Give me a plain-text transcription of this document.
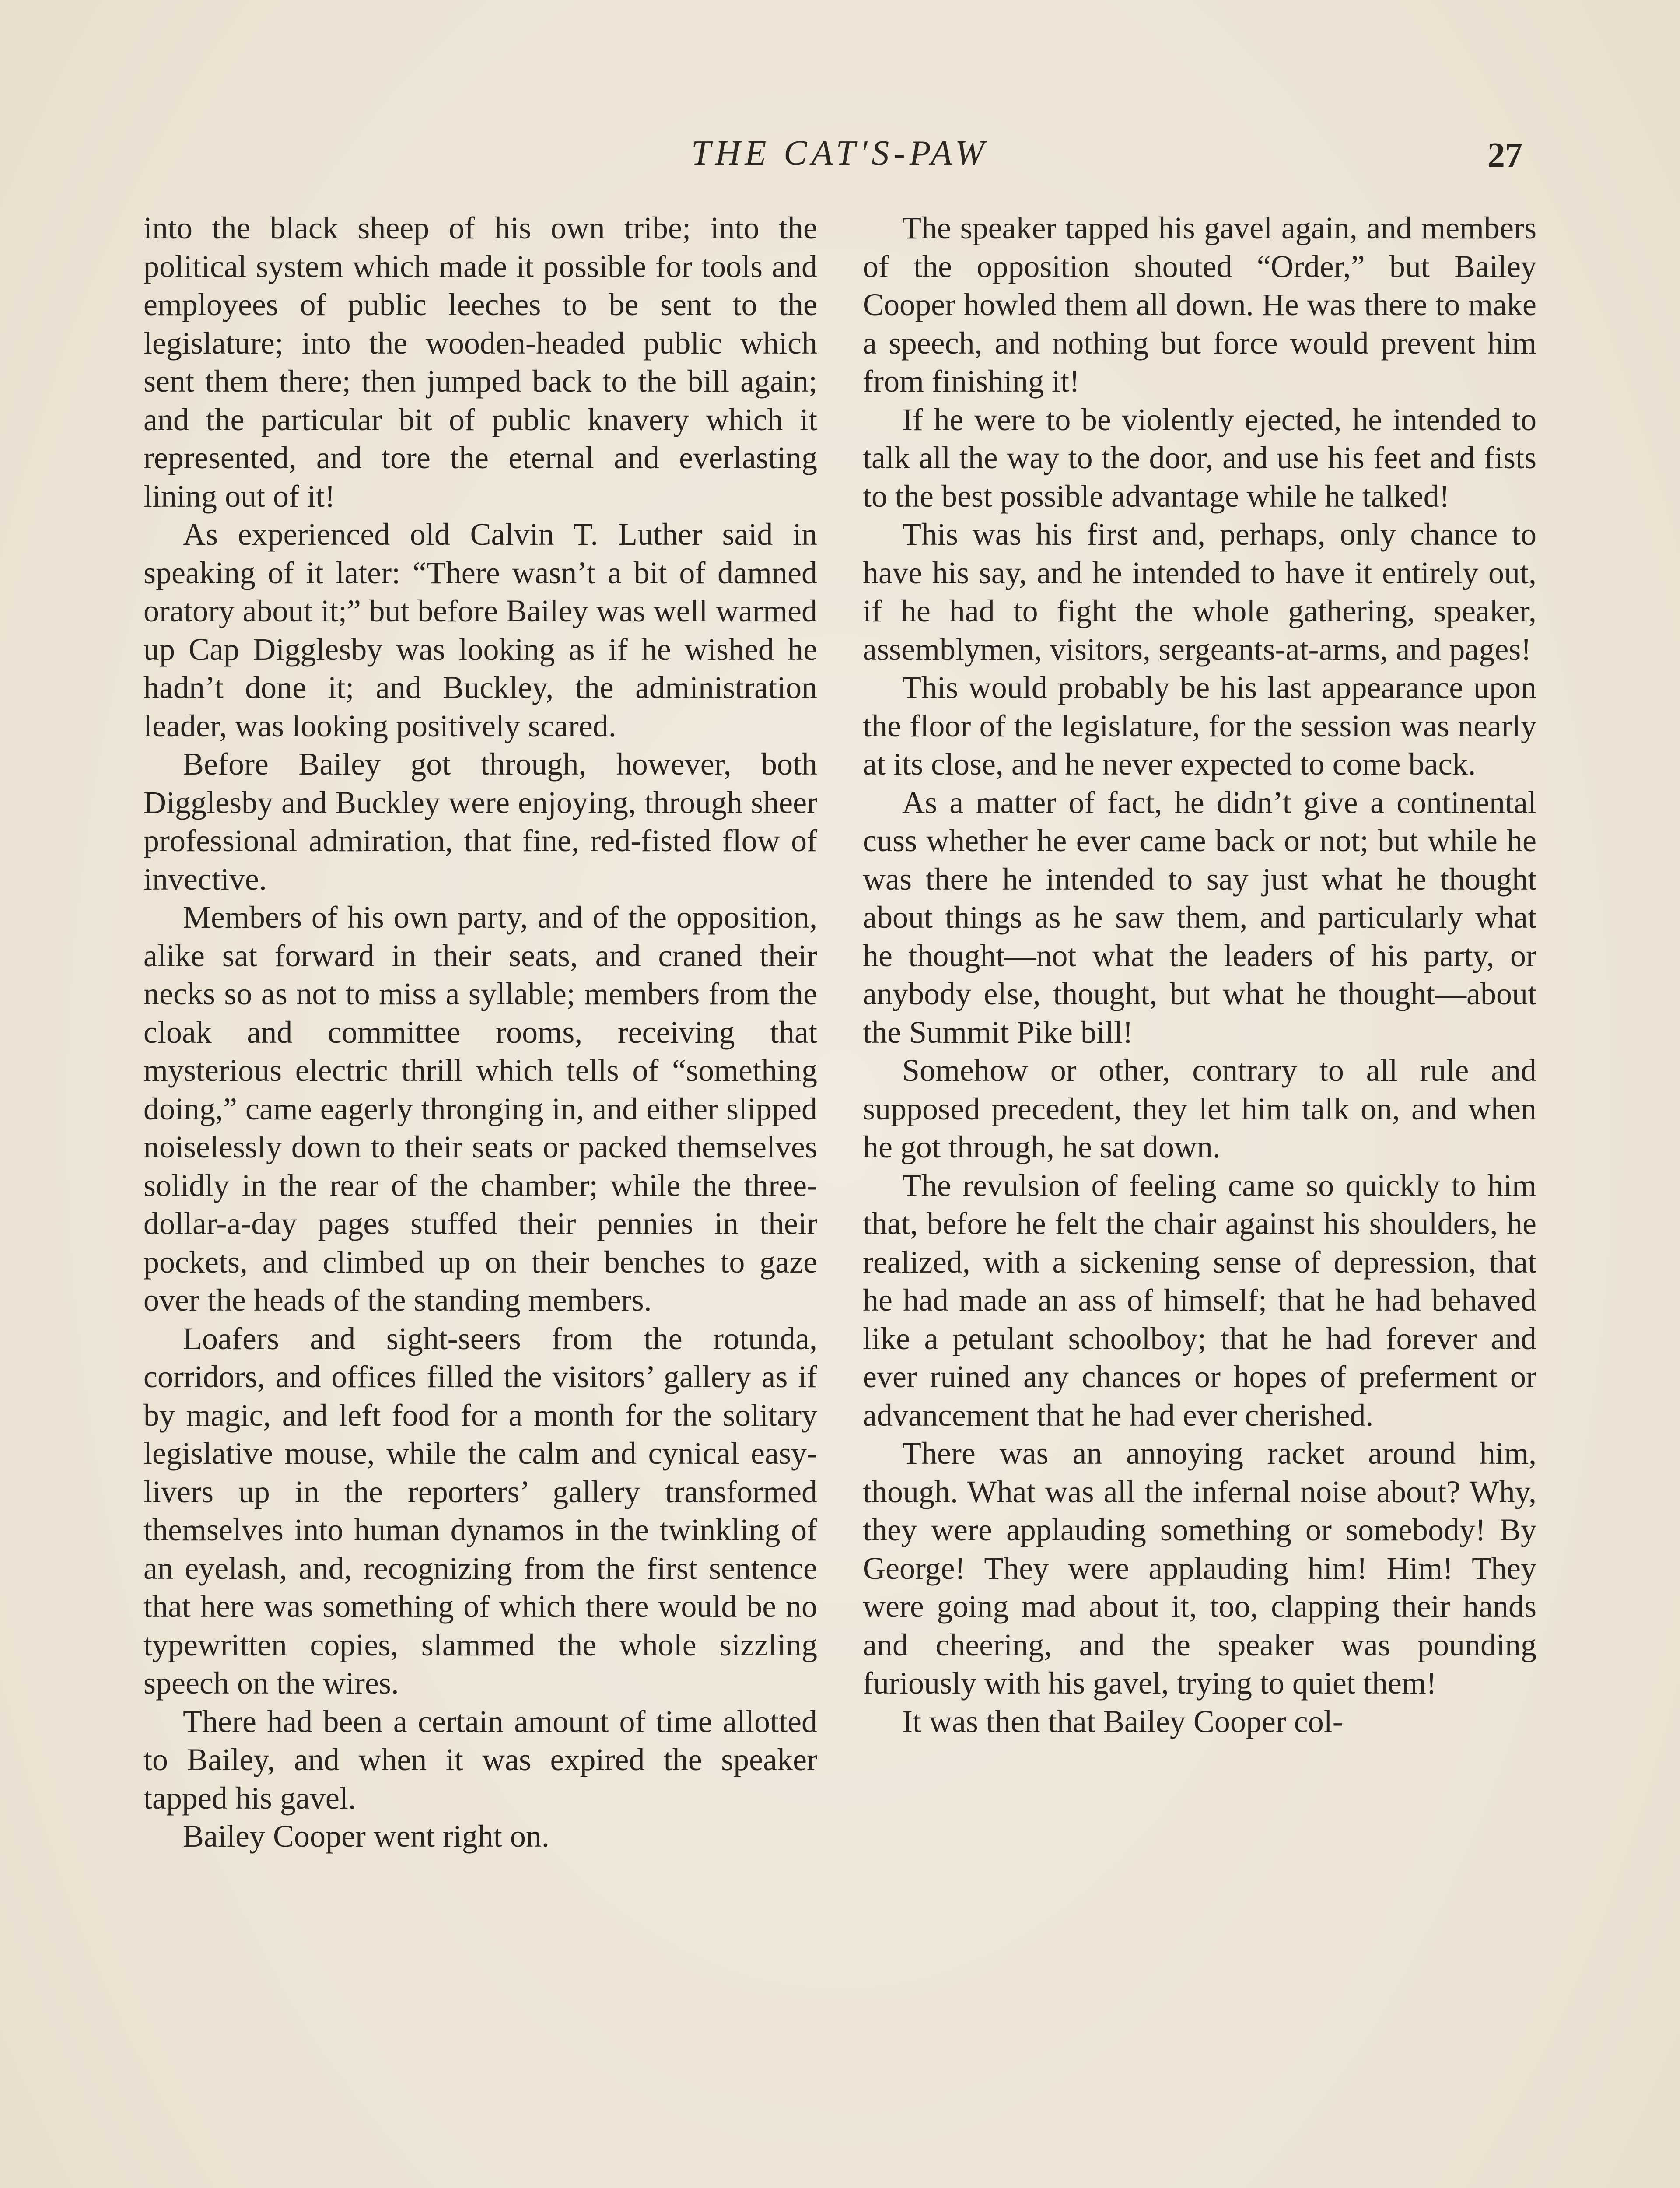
THE CAT'S-PAW	27

into the black sheep of his own tribe; into the political system which made it possible for tools and employees of public leeches to be sent to the legislature; into the wooden-headed public which sent them there; then jumped back to the bill again; and the particular bit of public knavery which it represented, and tore the eternal and everlasting lining out of it!

As experienced old Calvin T. Luther said in speaking of it later: “There wasn’t a bit of damned oratory about it;” but before Bailey was well warmed up Cap Digglesby was looking as if he wished he hadn’t done it; and Buckley, the administration leader, was looking positively scared.

Before Bailey got through, however, both Digglesby and Buckley were enjoying, through sheer professional admiration, that fine, red-fisted flow of invective.

Members of his own party, and of the opposition, alike sat forward in their seats, and craned their necks so as not to miss a syllable; members from the cloak and committee rooms, receiving that mysterious electric thrill which tells of “something doing,” came eagerly thronging in, and either slipped noiselessly down to their seats or packed themselves solidly in the rear of the chamber; while the three-dollar-a-day pages stuffed their pennies in their pockets, and climbed up on their benches to gaze over the heads of the standing members.

Loafers and sight-seers from the rotunda, corridors, and offices filled the visitors’ gallery as if by magic, and left food for a month for the solitary legislative mouse, while the calm and cynical easy-livers up in the reporters’ gallery transformed themselves into human dynamos in the twinkling of an eyelash, and, recognizing from the first sentence that here was something of which there would be no typewritten copies, slammed the whole sizzling speech on the wires.

There had been a certain amount of time allotted to Bailey, and when it was expired the speaker tapped his gavel.

Bailey Cooper went right on.

The speaker tapped his gavel again, and members of the opposition shouted “Order,” but Bailey Cooper howled them all down. He was there to make a speech, and nothing but force would prevent him from finishing it!

If he were to be violently ejected, he intended to talk all the way to the door, and use his feet and fists to the best possible advantage while he talked!

This was his first and, perhaps, only chance to have his say, and he intended to have it entirely out, if he had to fight the whole gathering, speaker, assemblymen, visitors, sergeants-at-arms, and pages!

This would probably be his last appearance upon the floor of the legislature, for the session was nearly at its close, and he never expected to come back.

As a matter of fact, he didn’t give a continental cuss whether he ever came back or not; but while he was there he intended to say just what he thought about things as he saw them, and particularly what he thought—not what the leaders of his party, or anybody else, thought, but what he thought—about the Summit Pike bill!

Somehow or other, contrary to all rule and supposed precedent, they let him talk on, and when he got through, he sat down.

The revulsion of feeling came so quickly to him that, before he felt the chair against his shoulders, he realized, with a sickening sense of depression, that he had made an ass of himself; that he had behaved like a petulant schoolboy; that he had forever and ever ruined any chances or hopes of preferment or advancement that he had ever cherished.

There was an annoying racket around him, though. What was all the infernal noise about? Why, they were applauding something or somebody! By George! They were applauding him! Him! They were going mad about it, too, clapping their hands and cheering, and the speaker was pounding furiously with his gavel, trying to quiet them!

It was then that Bailey Cooper col-
